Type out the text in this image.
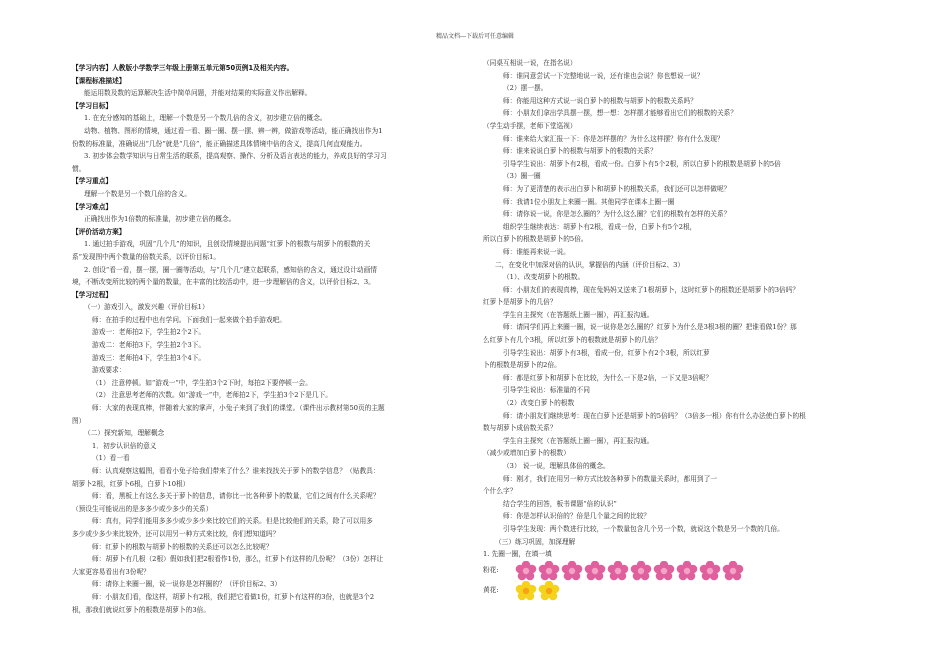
精品文档---下载后可任意编辑

【学习内容】人教版小学数学三年级上册第五单元第50页例1及相关内容。

【课程标准描述】

能运用数及数的运算解决生活中简单问题，并能对结果的实际意义作出解释。

【学习目标】

1. 在充分感知的基础上，理解一个数是另一个数几倍的含义，初步建立倍的概念。

动物、植物、图形的情境，通过看一看、圈一圈、摆一摆、辨一辨，做游戏等活动，能正确找出作为1

份数的标准量，准确说出“几份”就是“几倍”，能正确描述具体情境中倍的含义，提高几何直观能力。

3. 初步体会数学知识与日常生活的联系，提高观察、操作、分析及语言表达的能力，养成良好的学习习

惯。

【学习重点】

理解一个数是另一个数几倍的含义。

【学习难点】

正确找出作为1倍数的标准量，初步建立倍的概念。

【评价活动方案】

1. 通过拍手游戏，巩固“几个几”的知识，且创设情境提出问题“红萝卜的根数与胡萝卜的根数的关

系”发现图中两个数量的倍数关系，以评价目标1。

2. 创设“看一看，摆一摆，圈一圈等活动，与“几个几”建立起联系，感知倍的含义，通过设计动画情

境，不断改变所比较的两个量的数量，在丰富的比较活动中，进一步理解倍的含义，以评价目标2、3。

【学习过程】

（一）游戏引入，激发兴趣（评价目标1）

师：在拍手的过程中也有学问。下面我们一起来做个拍手游戏吧。

游戏一：老师拍2下，学生拍2个2下。

游戏二：老师拍3下，学生拍2个3下。

游戏三：老师拍4下，学生拍3个4下。

游戏要求：

（1） 注意停顿。如“游戏一”中，学生拍3个2下时，每拍2下要停顿一会。

（2） 注意思考老师的次数。如“游戏一”中，老师拍2下，学生拍3个2下是几下。

师：大家的表现真棒，伴随着大家的掌声，小兔子来到了我们的课堂。（课件出示教材第50页的主题

图）

（二）探究新知，理解概念

1．初步认识倍的意义

（1）看一看

师：认真观察这幅图，看看小兔子给我们带来了什么？谁来找找关于萝卜的数学信息？（贴教具：

胡萝卜2根，红萝卜6根，白萝卜10根）

师：看，黑板上有这么多关于萝卜的信息，请你比一比各种萝卜的数量，它们之间有什么关系呢？

（预设生可能说出的是多多少或少多少的关系）

师：真有，同学们能用多多少或少多少来比较它们的关系。但是比较他们的关系，除了可以用多

多少或少多少来比较外，还可以用另一种方式来比较，你们想知道吗？

师：红萝卜的根数与胡萝卜的根数的关系还可以怎么比较呢？

师：胡萝卜有几根（2根）假如我们把2根看作1份，那么，红萝卜有这样的几份呢？（3份）怎样让

大家更容易看出有3份呢？

师：请你上来圈一圈，说一说你是怎样圈的？（评价目标2、3）

师：小朋友们看，像这样，胡萝卜有2根，我们把它看做1份，红萝卜有这样的3份，也就是3个2

根，那我们就说红萝卜的根数是胡萝卜的3倍。

（同桌互相说一说，在指名说）

师：谁同意尝试一下完整地说一说，还有谁也会说？你也想说一说？

（2）摆一摆。

师：你能用这种方式说一说白萝卜的根数与胡萝卜的根数关系吗？

师：小朋友们拿出学具摆一摆，想一想：怎样摆才能够看出它们的根数的关系？

（学生动手摆，老师下堂巡视）

师：谁来给大家汇报一下：你是怎样摆的？为什么这样摆？你有什么发现？

师：谁来说说白萝卜的根数与胡萝卜的根数的关系？

引导学生说出：胡萝卜有2根，看成一份。白萝卜有5个2根，所以白萝卜的根数是胡萝卜的5倍

（3）圈一圈

师：为了更清楚的表示出白萝卜和胡萝卜的根数关系，我们还可以怎样做呢？

师：我请1位小朋友上来圈一圈。其他同学在课本上圈一圈

师：请你说一说，你是怎么圈的？为什么这么圈？它们的根数有怎样的关系？

组织学生继续表达：胡萝卜有2根，看成一份，白萝卜有5个2根，

所以白萝卜的根数是胡萝卜的5倍。

师：谁能再来说一说。

二，在变化中加深对倍的认识，掌握倍的内涵（评价目标2、3）

（1）、改变胡萝卜的根数。

师：小朋友们的表现真棒，现在兔妈妈又送来了1根胡萝卜，这时红萝卜的根数还是胡萝卜的3倍吗？

红萝卜是胡萝卜的几倍？

学生自主探究（在答题纸上圈一圈），再汇报沟通。

师：请同学们再上来圈一圈，说一说你是怎么圈的？红萝卜为什么是3根3根的圈？把谁看做1份？那

么红萝卜有几个3根，所以红萝卜的根数就是胡萝卜的几倍？

引导学生说出：胡萝卜有3根，看成一份，红萝卜有2个3根，所以红萝

卜的根数是胡萝卜的2倍。

师：都是红萝卜和胡萝卜在比较，为什么一下是2倍，一下又是3倍呢？

引导学生说出：标准量的不同

（2）改变白萝卜的根数

师：请小朋友们继续思考：现在白萝卜还是胡萝卜的5倍吗？（3倍多一根）你有什么办法使白萝卜的根

数与胡萝卜成倍数关系？

学生自主探究（在答题纸上圈一圈），再汇报沟通。

（减少或增加白萝卜的根数）

（3） 说一说，理解具体倍的概念。

师：刚才，我们在用另一种方式比较各种萝卜的数量关系时，都用到了一

个什么字？

结合学生的回答，板书课题“倍的认识”

师：你是怎样认识倍的？倍是几个量之间的比较？

引导学生发现：两个数进行比较，一个数量包含几个另一个数，就说这个数是另一个数的几倍。

（三）练习巩固，加深理解

1. 先圈一圈，在填一填

粉花:
黄花:
